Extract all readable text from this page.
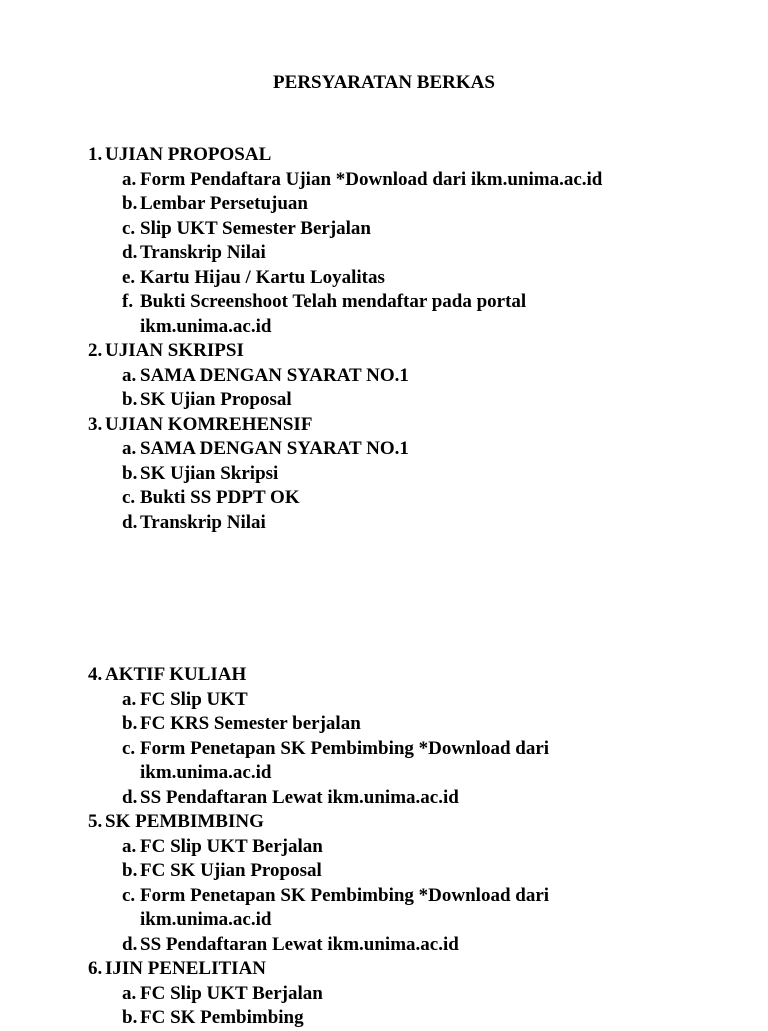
PERSYARATAN BERKAS
1. UJIAN PROPOSAL
a. Form Pendaftara Ujian *Download dari ikm.unima.ac.id
b. Lembar Persetujuan
c. Slip UKT Semester Berjalan
d. Transkrip Nilai
e. Kartu Hijau / Kartu Loyalitas
f. Bukti Screenshoot Telah mendaftar pada portal
ikm.unima.ac.id
2. UJIAN SKRIPSI
a. SAMA DENGAN SYARAT NO.1
b. SK Ujian Proposal
3. UJIAN KOMREHENSIF
a. SAMA DENGAN SYARAT NO.1
b. SK Ujian Skripsi
c. Bukti SS PDPT OK
d. Transkrip Nilai
4. AKTIF KULIAH
a. FC Slip UKT
b. FC KRS Semester berjalan
c. Form Penetapan SK Pembimbing *Download dari
ikm.unima.ac.id
d. SS Pendaftaran Lewat ikm.unima.ac.id
5. SK PEMBIMBING
a. FC Slip UKT Berjalan
b. FC SK Ujian Proposal
c. Form Penetapan SK Pembimbing *Download dari
ikm.unima.ac.id
d. SS Pendaftaran Lewat ikm.unima.ac.id
6. IJIN PENELITIAN
a. FC Slip UKT Berjalan
b. FC SK Pembimbing
